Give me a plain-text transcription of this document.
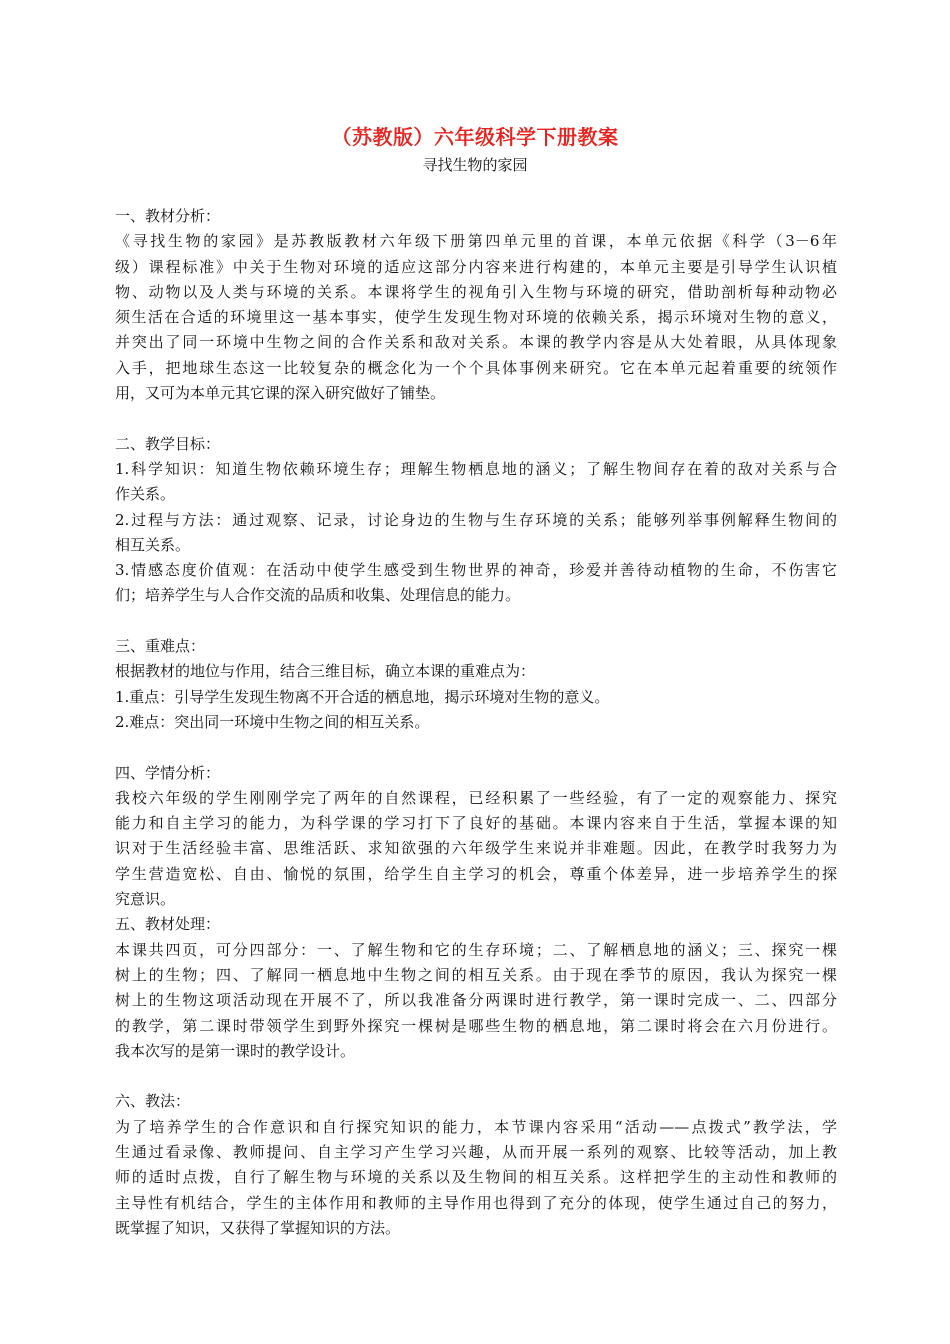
（苏教版）六年级科学下册教案
寻找生物的家园
一、教材分析：
《寻找生物的家园》是苏教版教材六年级下册第四单元里的首课，本单元依据《科学（3－6年
级）课程标准》中关于生物对环境的适应这部分内容来进行构建的，本单元主要是引导学生认识植
物、动物以及人类与环境的关系。本课将学生的视角引入生物与环境的研究，借助剖析每种动物必
须生活在合适的环境里这一基本事实，使学生发现生物对环境的依赖关系，揭示环境对生物的意义，
并突出了同一环境中生物之间的合作关系和敌对关系。本课的教学内容是从大处着眼，从具体现象
入手，把地球生态这一比较复杂的概念化为一个个具体事例来研究。它在本单元起着重要的统领作
用，又可为本单元其它课的深入研究做好了铺垫。
二、教学目标：
1.科学知识：知道生物依赖环境生存；理解生物栖息地的涵义；了解生物间存在着的敌对关系与合
作关系。
2.过程与方法：通过观察、记录，讨论身边的生物与生存环境的关系；能够列举事例解释生物间的
相互关系。
3.情感态度价值观：在活动中使学生感受到生物世界的神奇，珍爱并善待动植物的生命，不伤害它
们；培养学生与人合作交流的品质和收集、处理信息的能力。
三、重难点：
根据教材的地位与作用，结合三维目标，确立本课的重难点为：
1.重点：引导学生发现生物离不开合适的栖息地，揭示环境对生物的意义。
2.难点：突出同一环境中生物之间的相互关系。
四、学情分析：
我校六年级的学生刚刚学完了两年的自然课程，已经积累了一些经验，有了一定的观察能力、探究
能力和自主学习的能力，为科学课的学习打下了良好的基础。本课内容来自于生活，掌握本课的知
识对于生活经验丰富、思维活跃、求知欲强的六年级学生来说并非难题。因此，在教学时我努力为
学生营造宽松、自由、愉悦的氛围，给学生自主学习的机会，尊重个体差异，进一步培养学生的探
究意识。
五、教材处理：
本课共四页，可分四部分：一、了解生物和它的生存环境；二、了解栖息地的涵义；三、探究一棵
树上的生物；四、了解同一栖息地中生物之间的相互关系。由于现在季节的原因，我认为探究一棵
树上的生物这项活动现在开展不了，所以我准备分两课时进行教学，第一课时完成一、二、四部分
的教学，第二课时带领学生到野外探究一棵树是哪些生物的栖息地，第二课时将会在六月份进行。
我本次写的是第一课时的教学设计。
六、教法：
为了培养学生的合作意识和自行探究知识的能力，本节课内容采用“活动——点拨式”教学法，学
生通过看录像、教师提问、自主学习产生学习兴趣，从而开展一系列的观察、比较等活动，加上教
师的适时点拨，自行了解生物与环境的关系以及生物间的相互关系。这样把学生的主动性和教师的
主导性有机结合，学生的主体作用和教师的主导作用也得到了充分的体现，使学生通过自己的努力，
既掌握了知识，又获得了掌握知识的方法。
